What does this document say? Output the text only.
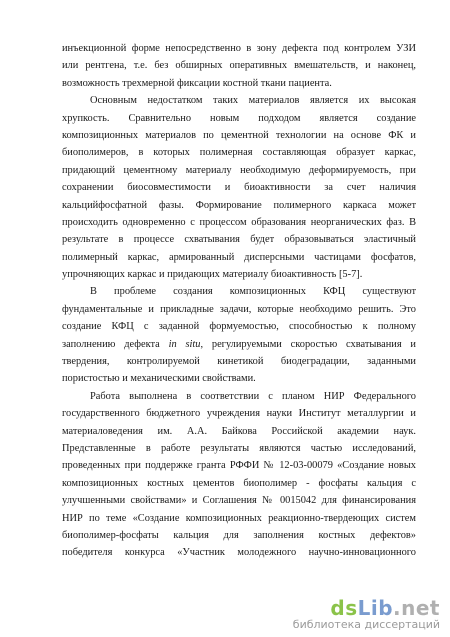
инъекционной форме непосредственно в зону дефекта под контролем УЗИ
или рентгена, т.е. без обширных оперативных вмешательств, и наконец,
возможность трехмерной фиксации костной ткани пациента.
Основным недостатком таких материалов является их высокая
хрупкость. Сравнительно новым подходом является создание
композиционных материалов по цементной технологии на основе ФК и
биополимеров, в которых полимерная составляющая образует каркас,
придающий цементному материалу необходимую деформируемость, при
сохранении биосовместимости и биоактивности за счет наличия
кальцийфосфатной фазы. Формирование полимерного каркаса может
происходить одновременно с процессом образования неорганических фаз. В
результате в процессе схватывания будет образовываться эластичный
полимерный каркас, армированный дисперсными частицами фосфатов,
упрочняющих каркас и придающих материалу биоактивность [5-7].
В проблеме создания композиционных КФЦ существуют
фундаментальные и прикладные задачи, которые необходимо решить. Это
создание КФЦ с заданной формуемостью, способностью к полному
заполнению дефекта in situ, регулируемыми скоростью схватывания и
твердения, контролируемой кинетикой биодеградации, заданными
пористостью и механическими свойствами.
Работа выполнена в соответствии с планом НИР Федерального
государственного бюджетного учреждения науки Институт металлургии и
материаловедения им. А.А. Байкова Российской академии наук.
Представленные в работе результаты являются частью исследований,
проведенных при поддержке гранта РФФИ № 12-03-00079 «Создание новых
композиционных костных цементов биополимер - фосфаты кальция с
улучшенными свойствами» и Соглашения № 0015042 для финансирования
НИР по теме «Создание композиционных реакционно-твердеющих систем
биополимер-фосфаты кальция для заполнения костных дефектов»
победителя конкурса «Участник молодежного научно-инновационного
dsLib.net
библиотека диссертаций
